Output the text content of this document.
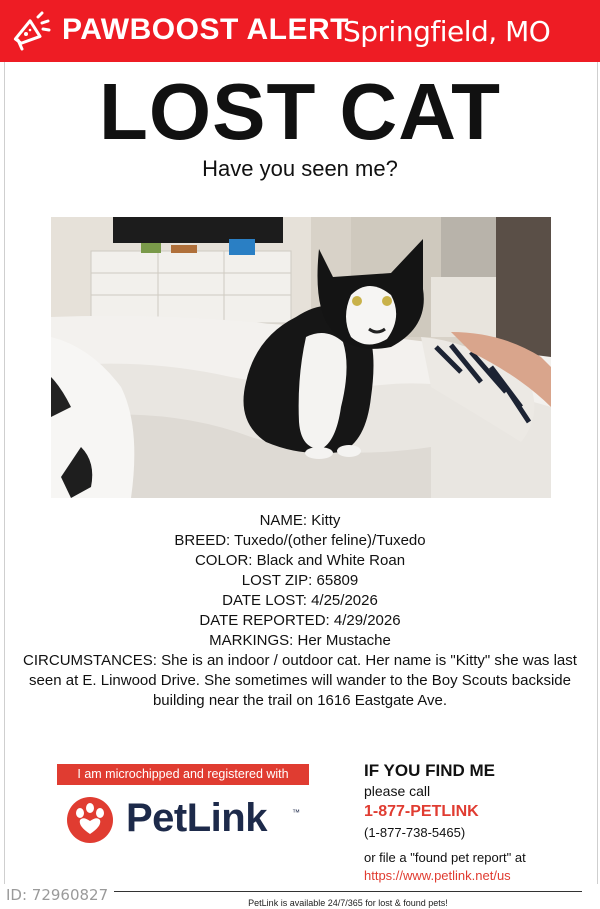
PAWBOOST ALERT
Springfield, MO
LOST CAT
Have you seen me?
NAME: Kitty
BREED: Tuxedo/(other feline)/Tuxedo
COLOR: Black and White Roan
LOST ZIP: 65809
DATE LOST: 4/25/2026
DATE REPORTED: 4/29/2026
MARKINGS: Her Mustache
CIRCUMSTANCES: She is an indoor / outdoor cat. Her name is "Kitty" she was last seen at E. Linwood Drive. She sometimes will wander to the Boy Scouts backside building near the trail on 1616 Eastgate Ave.
I am microchipped and registered with
PetLink	™
IF YOU FIND ME
please call
1-877-PETLINK
(1-877-738-5465)
or file a "found pet report" at
https://www.petlink.net/us
ID: 72960827	PetLink is available 24/7/365 for lost & found pets!
